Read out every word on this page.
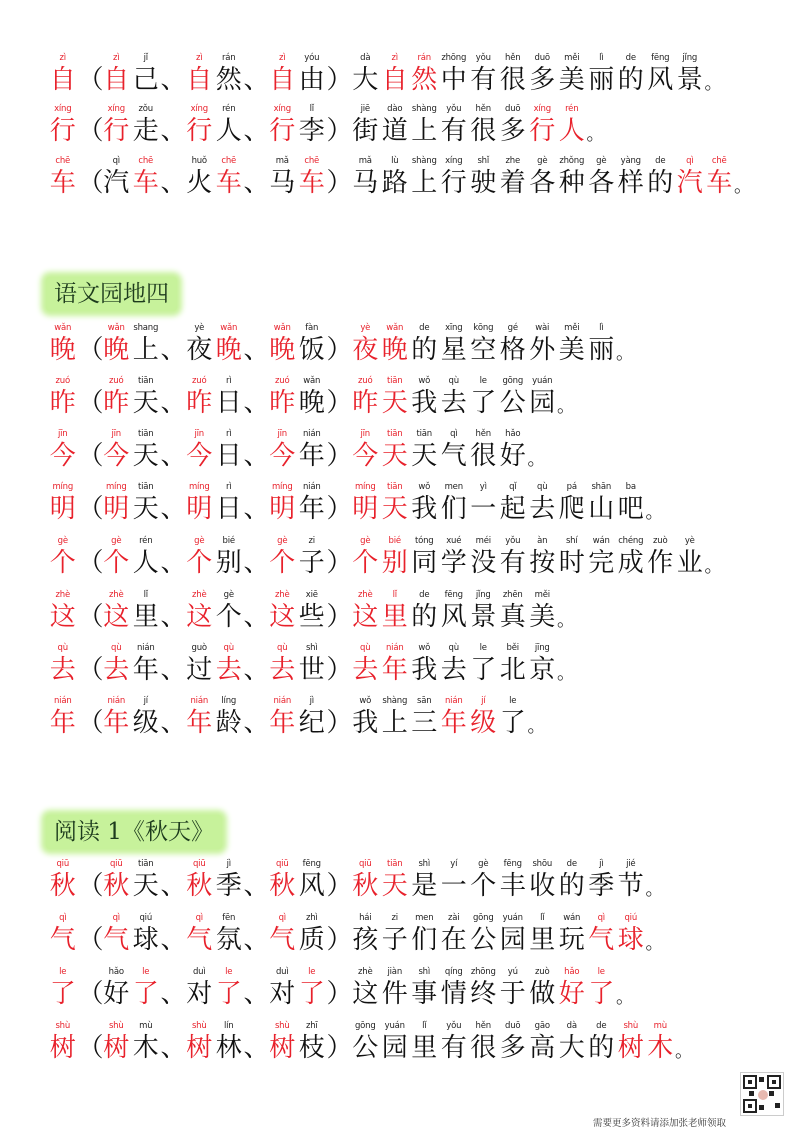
需要更多资料请添加张老师领取
自
zì
（ 自
zì
己
jǐ
、 自
zì
然
rán
、 自
zì
由
yóu
） 大
dà
自
zì
然
rán
中
zhōng
有
yǒu
很
hěn
多
duō
美
měi
丽
lì
的
de
风
fēng
景
jǐng
。
行
xíng
（ 行
xíng
走
zǒu
、 行
xíng
人
rén
、 行
xíng
李
lǐ
） 街
jiē
道
dào
上
shàng
有
yǒu
很
hěn
多
duō
行
xíng
人
rén
。
车
chē
（ 汽
qì
车
chē
、 火
huǒ
车
chē
、 马
mǎ
车
chē
） 马
mǎ
路
lù
上
shàng
行
xíng
驶
shǐ
着
zhe
各
gè
种
zhǒng
各
gè
样
yàng
的
de
汽
qì
车
chē
。
语文园地四
晚
wǎn
（ 晚
wǎn
上
shang
、 夜
yè
晚
wǎn
、 晚
wǎn
饭
fàn
） 夜
yè
晚
wǎn
的
de
星
xīng
空
kōng
格
gé
外
wài
美
měi
丽
lì
。
昨
zuó
（ 昨
zuó
天
tiān
、 昨
zuó
日
rì
、 昨
zuó
晚
wǎn
） 昨
zuó
天
tiān
我
wǒ
去
qù
了
le
公
gōng
园
yuán
。
今
jīn
（ 今
jīn
天
tiān
、 今
jīn
日
rì
、 今
jīn
年
nián
） 今
jīn
天
tiān
天
tiān
气
qì
很
hěn
好
hǎo
。
明
míng
（ 明
míng
天
tiān
、 明
míng
日
rì
、 明
míng
年
nián
） 明
míng
天
tiān
我
wǒ
们
men
一
yì
起
qǐ
去
qù
爬
pá
山
shān
吧
ba
。
个
gè
（ 个
gè
人
rén
、 个
gè
别
bié
、 个
gè
子
zi
） 个
gè
别
bié
同
tóng
学
xué
没
méi
有
yǒu
按
àn
时
shí
完
wán
成
chéng
作
zuò
业
yè
。
这
zhè
（ 这
zhè
里
lǐ
、 这
zhè
个
gè
、 这
zhè
些
xiē
） 这
zhè
里
lǐ
的
de
风
fēng
景
jǐng
真
zhēn
美
měi
。
去
qù
（ 去
qù
年
nián
、 过
guò
去
qù
、 去
qù
世
shì
） 去
qù
年
nián
我
wǒ
去
qù
了
le
北
běi
京
jīng
。
年
nián
（ 年
nián
级
jí
、 年
nián
龄
líng
、 年
nián
纪
jì
） 我
wǒ
上
shàng
三
sān
年
nián
级
jí
了
le
。
阅读 1《秋天》
秋
qiū
（ 秋
qiū
天
tiān
、 秋
qiū
季
jì
、 秋
qiū
风
fēng
） 秋
qiū
天
tiān
是
shì
一
yí
个
gè
丰
fēng
收
shōu
的
de
季
jì
节
jié
。
气
qì
（ 气
qì
球
qiú
、 气
qì
氛
fēn
、 气
qì
质
zhì
） 孩
hái
子
zi
们
men
在
zài
公
gōng
园
yuán
里
lǐ
玩
wán
气
qì
球
qiú
。
了
le
（ 好
hǎo
了
le
、 对
duì
了
le
、 对
duì
了
le
） 这
zhè
件
jiàn
事
shì
情
qíng
终
zhōng
于
yú
做
zuò
好
hǎo
了
le
。
树
shù
（ 树
shù
木
mù
、 树
shù
林
lín
、 树
shù
枝
zhī
） 公
gōng
园
yuán
里
lǐ
有
yǒu
很
hěn
多
duō
高
gāo
大
dà
的
de
树
shù
木
mù
。
